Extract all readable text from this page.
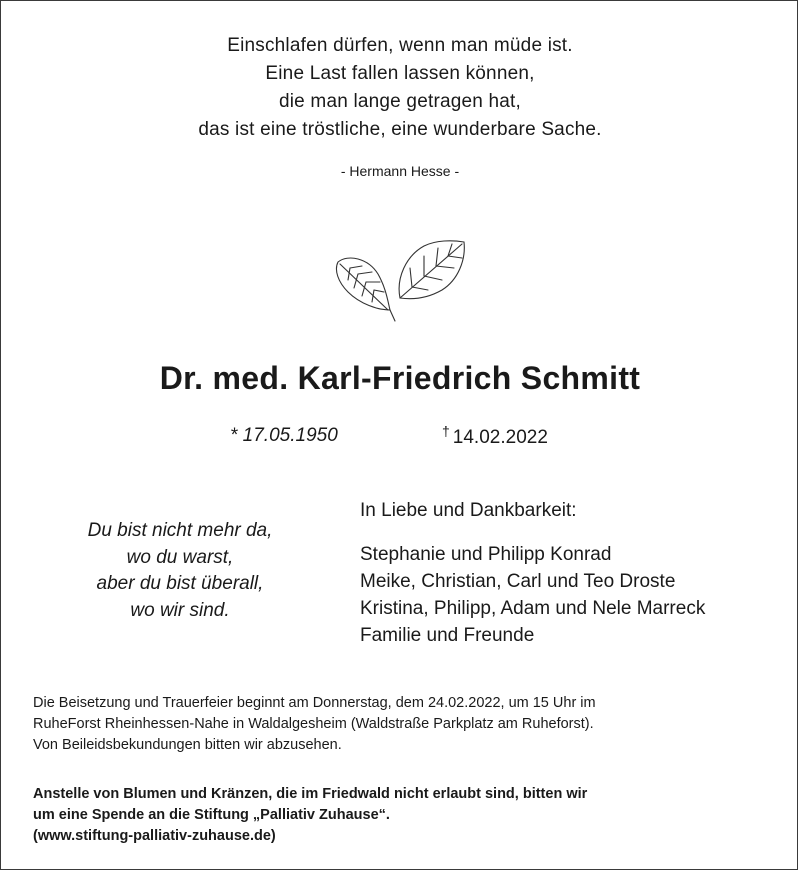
Einschlafen dürfen, wenn man müde ist.
Eine Last fallen lassen können,
die man lange getragen hat,
das ist eine tröstliche, eine wunderbare Sache.
- Hermann Hesse -
Dr. med. Karl-Friedrich Schmitt
* 17.05.1950	† 14.02.2022
Du bist nicht mehr da,
wo du warst,
aber du bist überall,
wo wir sind.
In Liebe und Dankbarkeit:
Stephanie und Philipp Konrad
Meike, Christian, Carl und Teo Droste
Kristina, Philipp, Adam und Nele Marreck
Familie und Freunde
Die Beisetzung und Trauerfeier beginnt am Donnerstag, dem 24.02.2022, um 15 Uhr im
RuheForst Rheinhessen-Nahe in Waldalgesheim (Waldstraße Parkplatz am Ruheforst).
Von Beileidsbekundungen bitten wir abzusehen.
Anstelle von Blumen und Kränzen, die im Friedwald nicht erlaubt sind, bitten wir
um eine Spende an die Stiftung „Palliativ Zuhause“.
(www.stiftung-palliativ-zuhause.de)
